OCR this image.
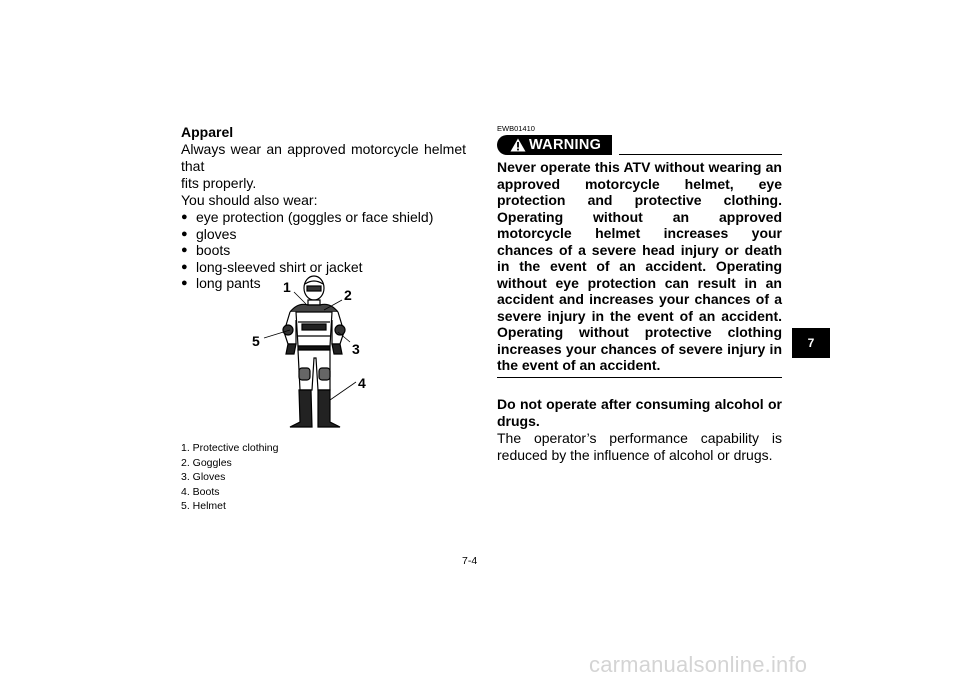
Apparel

Always wear an approved motorcycle helmet that

fits properly.

You should also wear:

● eye protection (goggles or face shield)
● gloves
● boots
● long-sleeved shirt or jacket
● long pants	1	2
3
4
5
1. Protective clothing
2. Goggles
3. Gloves
4. Boots
5. Helmet

EWB01410

WARNING

Never operate this ATV without wearing an approved motorcycle helmet, eye protection and protective clothing. Operating without an approved motorcycle helmet increases your chances of a severe head injury or death in the event of an accident. Operating without eye protection can result in an accident and increases your chances of a severe injury in the event of an accident. Operating without protective clothing increases your chances of severe injury in the event of an accident.

Do not operate after consuming alcohol or drugs.

The operator’s performance capability is reduced by the influence of alcohol or drugs.

7
7-4
carmanualsonline.info
